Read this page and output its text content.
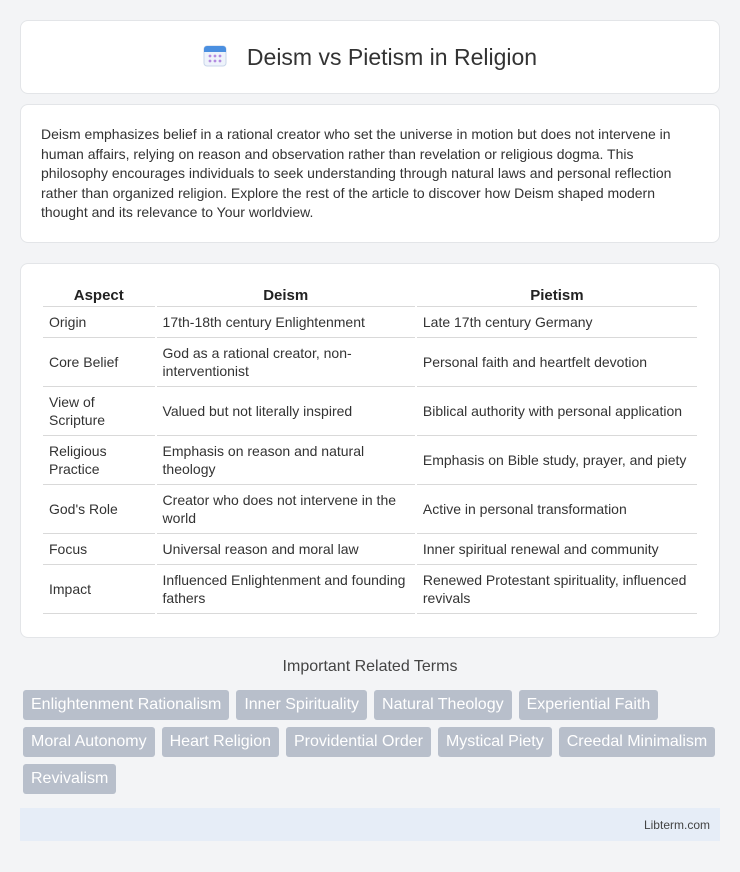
Deism vs Pietism in Religion

Deism emphasizes belief in a rational creator who set the universe in motion but does not intervene in human affairs, relying on reason and observation rather than revelation or religious dogma. This philosophy encourages individuals to seek understanding through natural laws and personal reflection rather than organized religion. Explore the rest of the article to discover how Deism shaped modern thought and its relevance to Your worldview.

Aspect	Deism	Pietism
Origin	17th-18th century Enlightenment	Late 17th century Germany
Core Belief	God as a rational creator, non-interventionist	Personal faith and heartfelt devotion
View of Scripture	Valued but not literally inspired	Biblical authority with personal application
Religious Practice	Emphasis on reason and natural theology	Emphasis on Bible study, prayer, and piety
God's Role	Creator who does not intervene in the world	Active in personal transformation
Focus	Universal reason and moral law	Inner spiritual renewal and community
Impact	Influenced Enlightenment and founding fathers	Renewed Protestant spirituality, influenced revivals
Important Related Terms
Enlightenment Rationalism	Inner Spirituality	Natural Theology	Experiential Faith
Moral Autonomy	Heart Religion	Providential Order	Mystical Piety	Creedal Minimalism
Revivalism
Libterm.com
